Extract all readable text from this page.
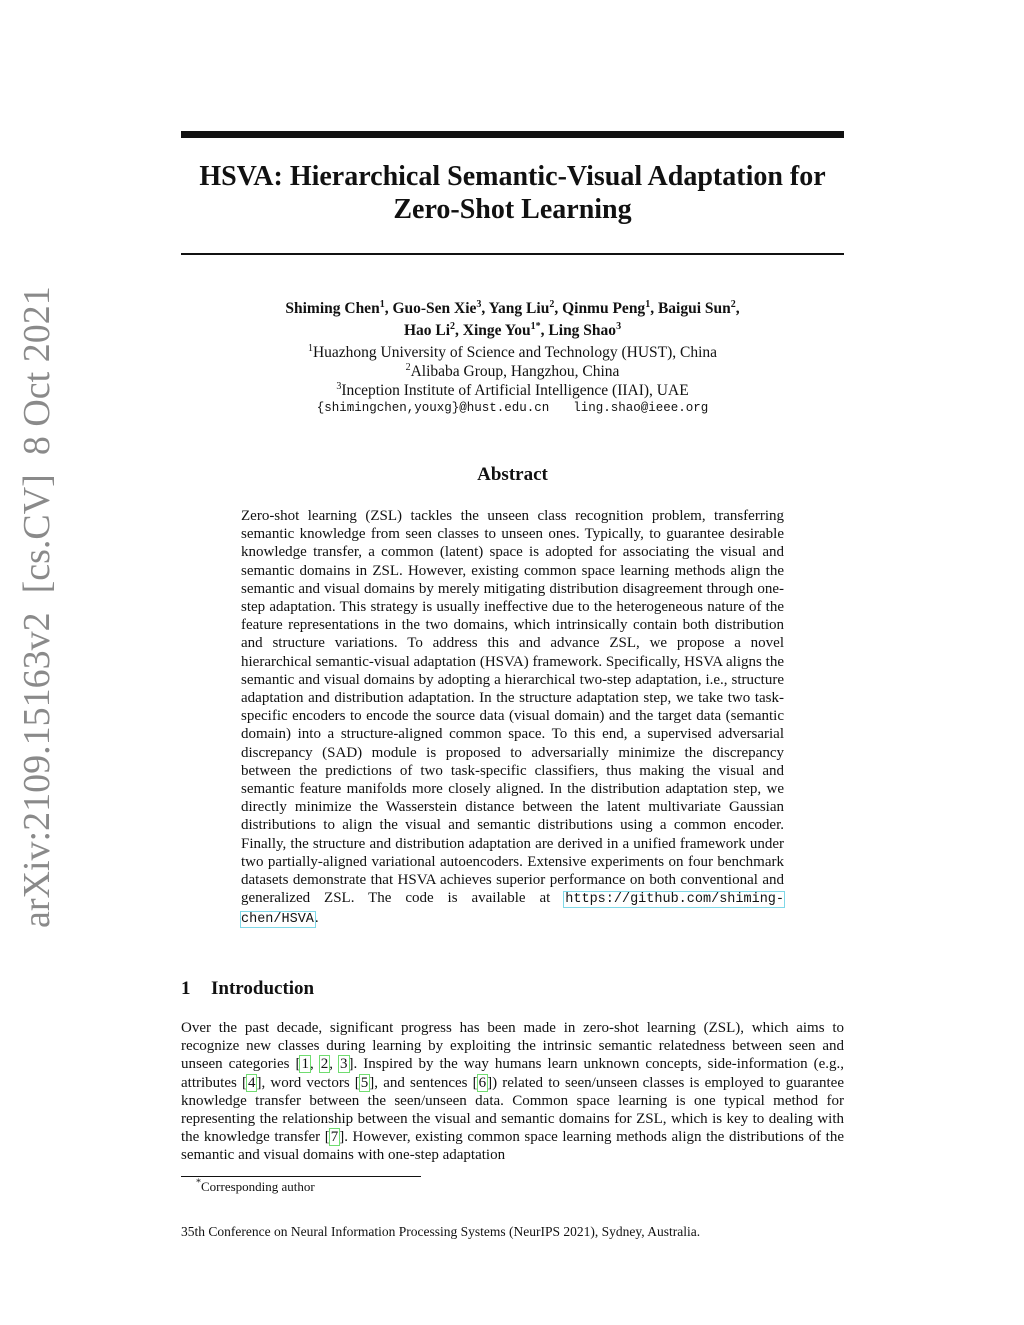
arXiv:2109.15163v2  [cs.CV]  8 Oct 2021
HSVA: Hierarchical Semantic-Visual Adaptation for
Zero-Shot Learning
Shiming Chen$^1$, Guo-Sen Xie$^3$, Yang Liu$^2$, Qinmu Peng$^1$, Baigui Sun$^2$,
Hao Li$^2$, Xinge You$^{1*}$, Ling Shao$^3$
$^1$Huazhong University of Science and Technology (HUST), China
$^2$Alibaba Group, Hangzhou, China
$^3$Inception Institute of Artificial Intelligence (IIAI), UAE
{shimingchen,youxg}@hust.edu.cn ling.shao@ieee.org
Abstract
Zero-shot learning (ZSL) tackles the unseen class recognition problem, transferring semantic knowledge from seen classes to unseen ones. Typically, to guarantee desirable knowledge transfer, a common (latent) space is adopted for associating the visual and semantic domains in ZSL. However, existing common space learning methods align the semantic and visual domains by merely mitigating distribution disagreement through one-step adaptation. This strategy is usually ineffective due to the heterogeneous nature of the feature representations in the two domains, which intrinsically contain both distribution and structure variations. To address this and advance ZSL, we propose a novel hierarchical semantic-visual adaptation (HSVA) framework. Specifically, HSVA aligns the semantic and visual domains by adopting a hierarchical two-step adaptation, i.e., structure adaptation and distribution adaptation. In the structure adaptation step, we take two task-specific encoders to encode the source data (visual domain) and the target data (semantic domain) into a structure-aligned common space. To this end, a supervised adversarial discrepancy (SAD) module is proposed to adversarially minimize the discrepancy between the predictions of two task-specific classifiers, thus making the visual and semantic feature manifolds more closely aligned. In the distribution adaptation step, we directly minimize the Wasserstein distance between the latent multivariate Gaussian distributions to align the visual and semantic distributions using a common encoder. Finally, the structure and distribution adaptation are derived in a unified framework under two partially-aligned variational autoencoders. Extensive experiments on four benchmark datasets demonstrate that HSVA achieves superior performance on both conventional and generalized ZSL. The code is available at https://github.com/shiming-chen/HSVA.
1 Introduction
Over the past decade, significant progress has been made in zero-shot learning (ZSL), which aims to recognize new classes during learning by exploiting the intrinsic semantic relatedness between seen and unseen categories [1, 2, 3]. Inspired by the way humans learn unknown concepts, side-information (e.g., attributes [4], word vectors [5], and sentences [6]) related to seen/unseen classes is employed to guarantee knowledge transfer between the seen/unseen data. Common space learning is one typical method for representing the relationship between the visual and semantic domains for ZSL, which is key to dealing with the knowledge transfer [7]. However, existing common space learning methods align the distributions of the semantic and visual domains with one-step adaptation
*Corresponding author
35th Conference on Neural Information Processing Systems (NeurIPS 2021), Sydney, Australia.
